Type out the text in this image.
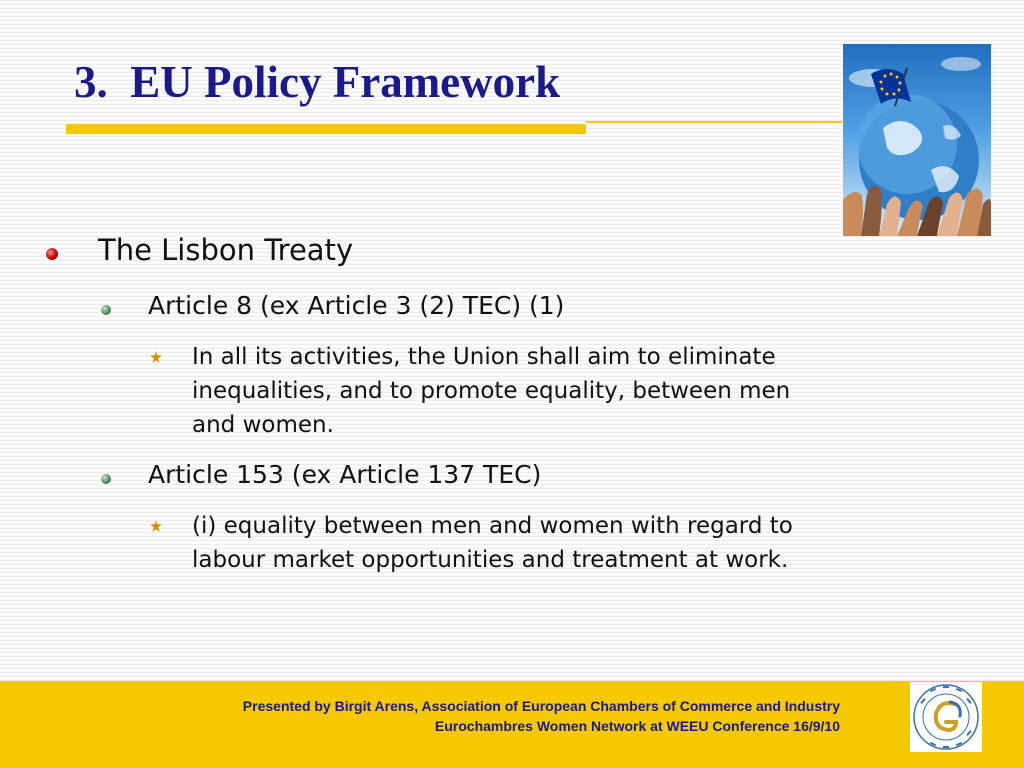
3.  EU Policy Framework
The Lisbon Treaty
Article 8 (ex Article 3 (2) TEC) (1)
In all its activities, the Union shall aim to eliminate
inequalities, and to promote equality, between men
and women.
Article 153 (ex Article 137 TEC)
(i) equality between men and women with regard to
labour market opportunities and treatment at work.
Presented by Birgit Arens, Association of European Chambers of Commerce and Industry
Eurochambres Women Network at WEEU Conference 16/9/10
